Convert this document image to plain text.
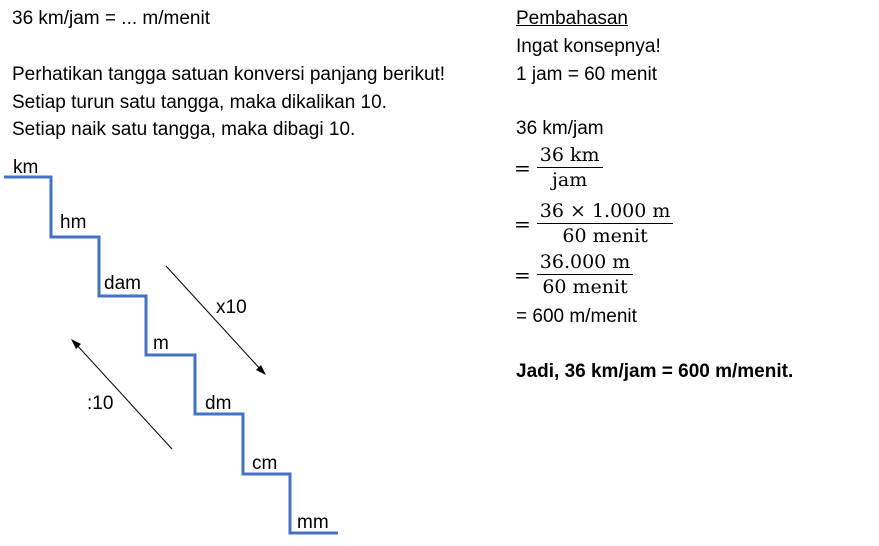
36 km/jam = ... m/menit
Perhatikan tangga satuan konversi panjang berikut!
Setiap turun satu tangga, maka dikalikan 10.
Setiap naik satu tangga, maka dibagi 10.
km
hm
dam
m
dm
cm
mm
x10
:10
Pembahasan
Ingat konsepnya!
1 jam = 60 menit
36 km/jam
= $\frac{36 km}{\text{jam}}$
= $\frac{36 \times 1.000 m}{\text{60 menit}}$
= $\frac{36.000 m}{\text{60 menit}}$
= 600 m/menit
Jadi, 36 km/jam = 600 m/menit.
